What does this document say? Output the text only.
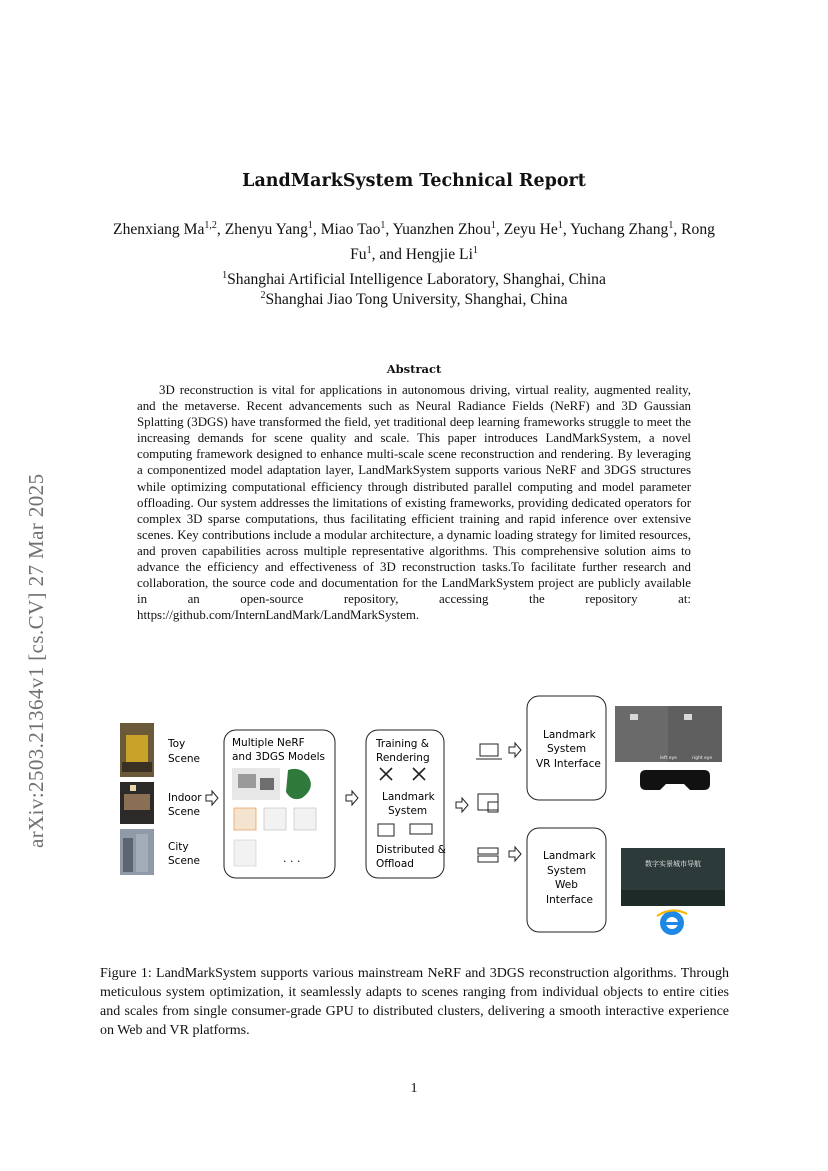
arXiv:2503.21364v1 [cs.CV] 27 Mar 2025
LandMarkSystem Technical Report
Zhenxiang Ma$^{1,2}$, Zhenyu Yang$^1$, Miao Tao$^1$, Yuanzhen Zhou$^1$, Zeyu He$^1$, Yuchang Zhang$^1$, Rong Fu$^1$, and Hengjie Li$^1$
$^1$Shanghai Artificial Intelligence Laboratory, Shanghai, China
$^2$Shanghai Jiao Tong University, Shanghai, China
Abstract
3D reconstruction is vital for applications in autonomous driving, virtual reality, augmented reality, and the metaverse. Recent advancements such as Neural Radiance Fields (NeRF) and 3D Gaussian Splatting (3DGS) have transformed the field, yet traditional deep learning frameworks struggle to meet the increasing demands for scene quality and scale. This paper introduces LandMarkSystem, a novel computing framework designed to enhance multi-scale scene reconstruction and rendering. By leveraging a componentized model adaptation layer, LandMarkSystem supports various NeRF and 3DGS structures while optimizing computational efficiency through distributed parallel computing and model parameter offloading. Our system addresses the limitations of existing frameworks, providing dedicated operators for complex 3D sparse computations, thus facilitating efficient training and rapid inference over extensive scenes. Key contributions include a modular architecture, a dynamic loading strategy for limited resources, and proven capabilities across multiple representative algorithms. This comprehensive solution aims to advance the efficiency and effectiveness of 3D reconstruction tasks.To facilitate further research and collaboration, the source code and documentation for the LandMarkSystem project are publicly available in an open-source repository, accessing the repository at: https://github.com/InternLandMark/LandMarkSystem.
Toy
Scene
Indoor
Scene
City
Scene
Multiple NeRF
and 3DGS Models
. . .
Training &
Rendering
Landmark
System
Distributed &
Offload
Landmark
System
VR Interface	left eye	right eye
Landmark
System
Web
Interface
数字实景城市导航
Figure 1: LandMarkSystem supports various mainstream NeRF and 3DGS reconstruction algorithms. Through meticulous system optimization, it seamlessly adapts to scenes ranging from individual objects to entire cities and scales from single consumer-grade GPU to distributed clusters, delivering a smooth interactive experience on Web and VR platforms.
1
